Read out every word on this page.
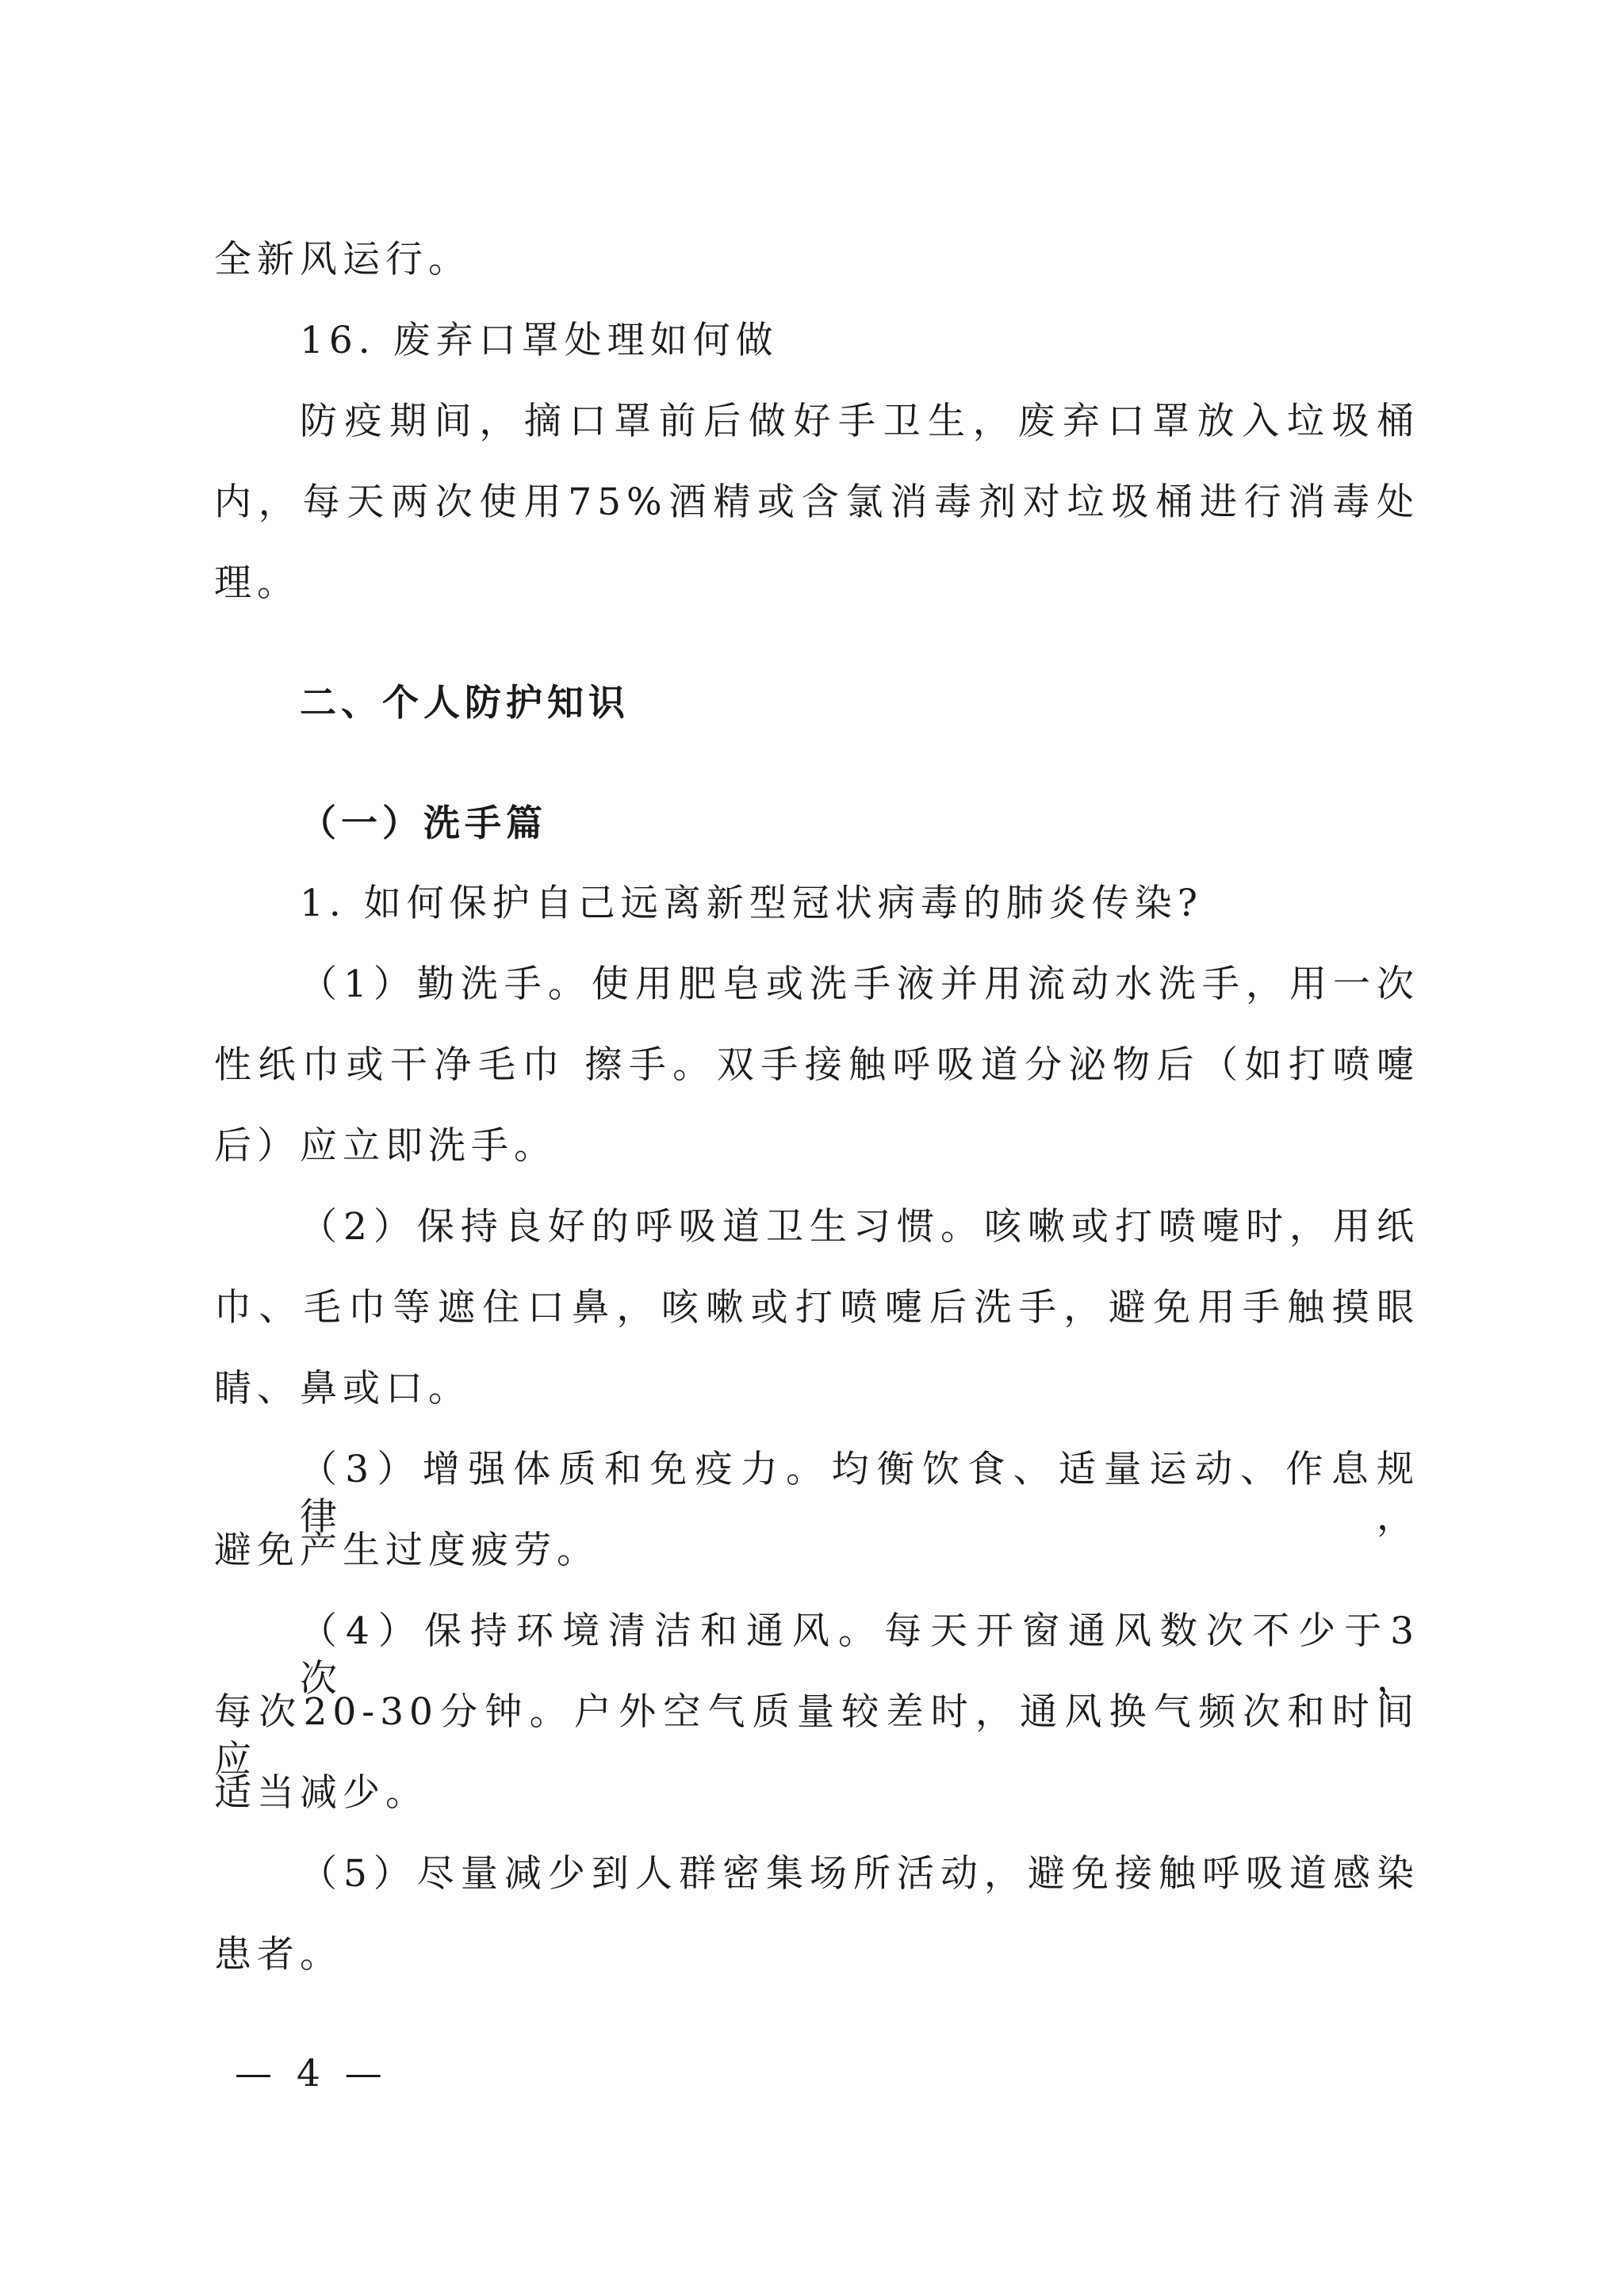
全新风运行。
16. 废弃口罩处理如何做
防疫期间，摘口罩前后做好手卫生，废弃口罩放入垃圾桶
内，每天两次使用75%酒精或含氯消毒剂对垃圾桶进行消毒处
理。
二、个人防护知识
（一）洗手篇
1. 如何保护自己远离新型冠状病毒的肺炎传染?
（1）勤洗手。使用肥皂或洗手液并用流动水洗手，用一次
性纸巾或干净毛巾 擦手。双手接触呼吸道分泌物后（如打喷嚏
后）应立即洗手。
（2）保持良好的呼吸道卫生习惯。咳嗽或打喷嚏时，用纸
巾、毛巾等遮住口鼻，咳嗽或打喷嚏后洗手，避免用手触摸眼
睛、鼻或口。
（3）增强体质和免疫力。均衡饮食、适量运动、作息规律，
避免产生过度疲劳。
（4）保持环境清洁和通风。每天开窗通风数次不少于3次，
每次20-30分钟。户外空气质量较差时，通风换气频次和时间应
适当减少。
（5）尽量减少到人群密集场所活动，避免接触呼吸道感染
患者。
— 4 —
